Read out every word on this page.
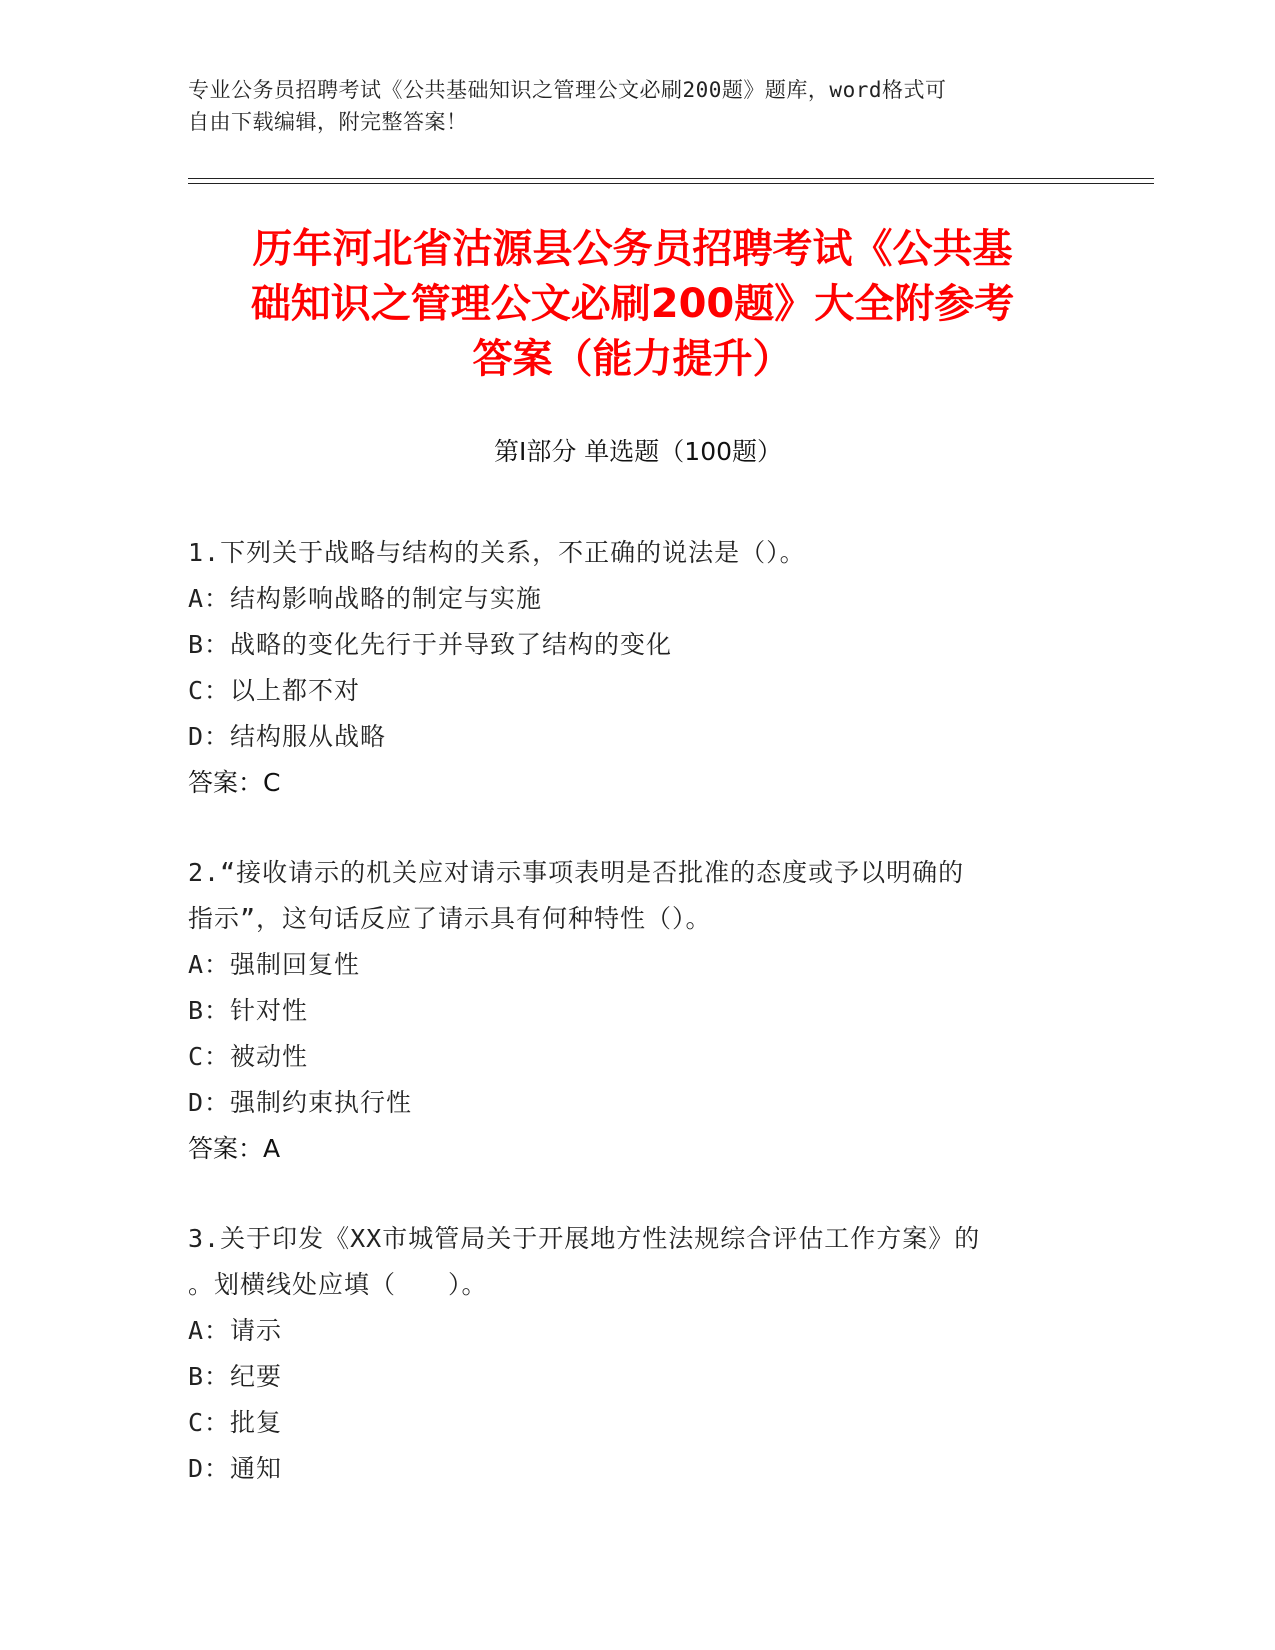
专业公务员招聘考试《公共基础知识之管理公文必刷200题》题库，word格式可
自由下载编辑，附完整答案！
历年河北省沽源县公务员招聘考试《公共基
础知识之管理公文必刷200题》大全附参考
答案（能力提升）
第Ⅰ部分 单选题（100题）
1.下列关于战略与结构的关系，不正确的说法是（）。
A：结构影响战略的制定与实施
B：战略的变化先行于并导致了结构的变化
C：以上都不对
D：结构服从战略
答案：C
2.“接收请示的机关应对请示事项表明是否批准的态度或予以明确的
指示”，这句话反应了请示具有何种特性（）。
A：强制回复性
B：针对性
C：被动性
D：强制约束执行性
答案：A
3.关于印发《XX市城管局关于开展地方性法规综合评估工作方案》的
。划横线处应填（　　）。
A：请示
B：纪要
C：批复
D：通知
